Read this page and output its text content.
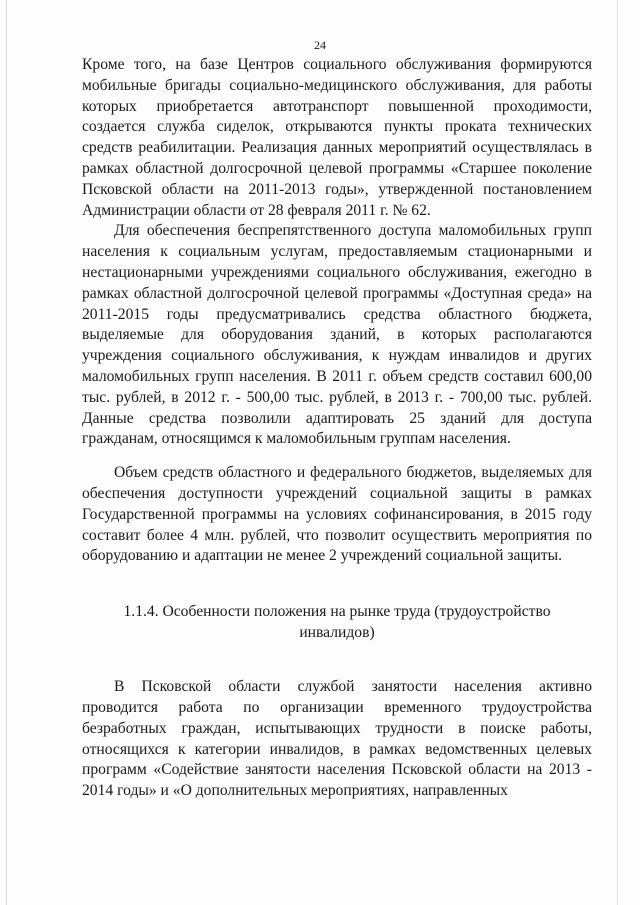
24

Кроме того, на базе Центров социального обслуживания формируются мобильные бригады социально-медицинского обслуживания, для работы которых приобретается автотранспорт повышенной проходимости, создается служба сиделок, открываются пункты проката технических средств реабилитации. Реализация данных мероприятий осуществлялась в рамках областной долгосрочной целевой программы «Старшее поколение Псковской области на 2011-2013 годы», утвержденной постановлением Администрации области от 28 февраля 2011 г. № 62.

Для обеспечения беспрепятственного доступа маломобильных групп населения к социальным услугам, предоставляемым стационарными и нестационарными учреждениями социального обслуживания, ежегодно в рамках областной долгосрочной целевой программы «Доступная среда» на 2011-2015 годы предусматривались средства областного бюджета, выделяемые для оборудования зданий, в которых располагаются учреждения социального обслуживания, к нуждам инвалидов и других маломобильных групп населения. В 2011 г. объем средств составил 600,00 тыс. рублей, в 2012 г. - 500,00 тыс. рублей, в 2013 г. - 700,00 тыс. рублей. Данные средства позволили адаптировать 25 зданий для доступа гражданам, относящимся к маломобильным группам населения.

Объем средств областного и федерального бюджетов, выделяемых для обеспечения доступности учреждений социальной защиты в рамках Государственной программы на условиях софинансирования, в 2015 году составит более 4 млн. рублей, что позволит осуществить мероприятия по оборудованию и адаптации не менее 2 учреждений социальной защиты.

1.1.4. Особенности положения на рынке труда (трудоустройство инвалидов)

В Псковской области службой занятости населения активно проводится работа по организации временного трудоустройства безработных граждан, испытывающих трудности в поиске работы, относящихся к категории инвалидов, в рамках ведомственных целевых программ «Содействие занятости населения Псковской области на 2013 - 2014 годы» и «О дополнительных мероприятиях, направленных
